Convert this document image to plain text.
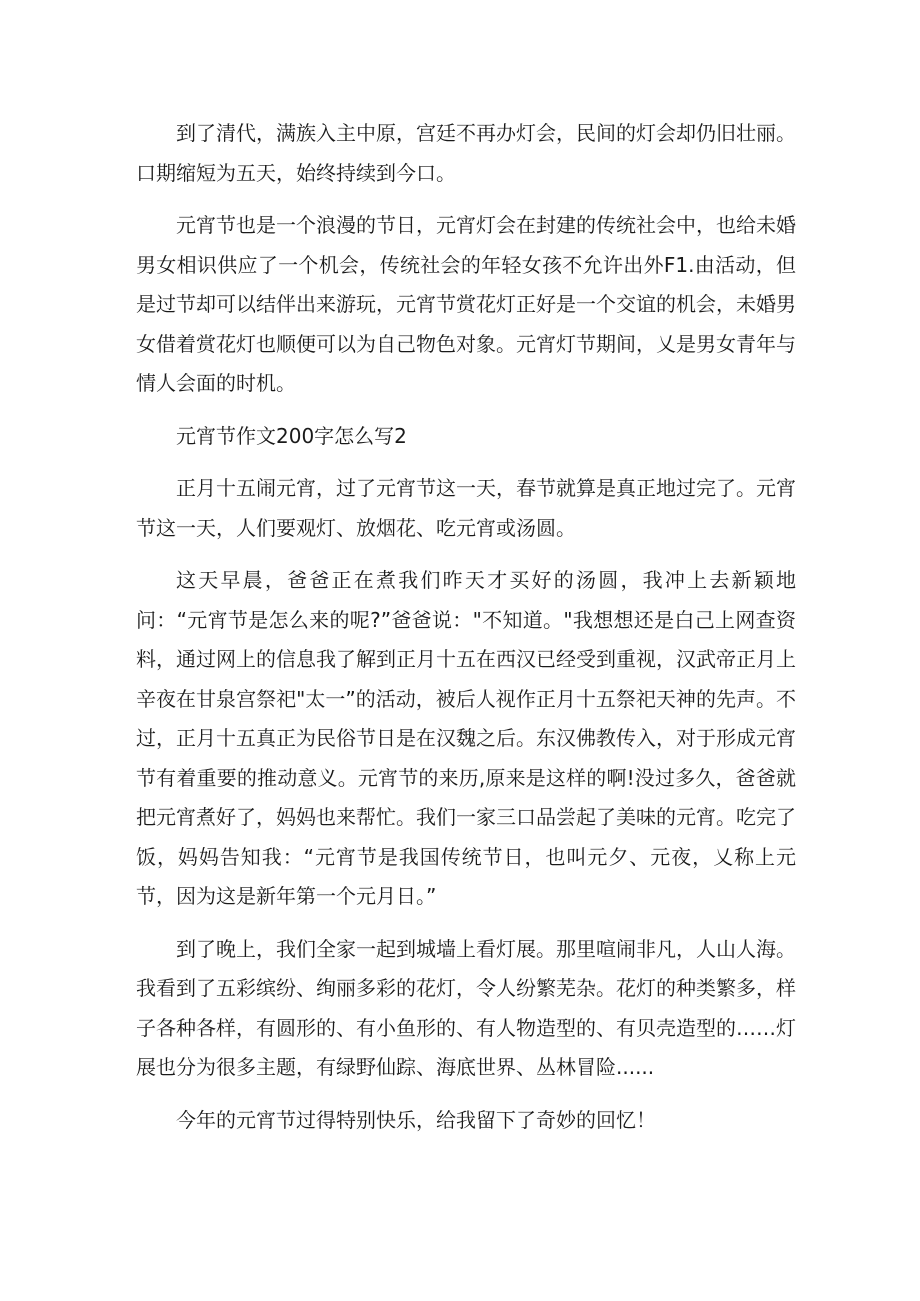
到了清代，满族入主中原，宫廷不再办灯会，民间的灯会却仍旧壮丽。口期缩短为五天，始终持续到今口。

元宵节也是一个浪漫的节日，元宵灯会在封建的传统社会中，也给未婚男女相识供应了一个机会，传统社会的年轻女孩不允许出外F1.由活动，但是过节却可以结伴出来游玩，元宵节赏花灯正好是一个交谊的机会，未婚男女借着赏花灯也顺便可以为自己物色对象。元宵灯节期间，乂是男女青年与情人会面的时机。

元宵节作文200字怎么写2

正月十五闹元宵，过了元宵节这一天，春节就算是真正地过完了。元宵节这一天，人们要观灯、放烟花、吃元宵或汤圆。

这天早晨，爸爸正在煮我们昨天才买好的汤圆，我冲上去新颖地问：“元宵节是怎么来的呢?”爸爸说："不知道。"我想想还是白己上网查资料，通过网上的信息我了解到正月十五在西汉已经受到重视，汉武帝正月上辛夜在甘泉宫祭祀"太一”的活动，被后人视作正月十五祭祀天神的先声。不过，正月十五真正为民俗节日是在汉魏之后。东汉佛教传入，对于形成元宵节有着重要的推动意义。元宵节的来历,原来是这样的啊!没过多久，爸爸就把元宵煮好了，妈妈也来帮忙。我们一家三口品尝起了美味的元宵。吃完了饭，妈妈告知我：“元宵节是我国传统节日，也叫元夕、元夜，乂称上元节，因为这是新年第一个元月日。”

到了晚上，我们全家一起到城墙上看灯展。那里喧闹非凡，人山人海。我看到了五彩缤纷、绚丽多彩的花灯，令人纷繁芜杂。花灯的种类繁多，样子各种各样，有圆形的、有小鱼形的、有人物造型的、有贝壳造型的……灯展也分为很多主题，有绿野仙踪、海底世界、丛林冒险......

今年的元宵节过得特别快乐，给我留下了奇妙的回忆！
